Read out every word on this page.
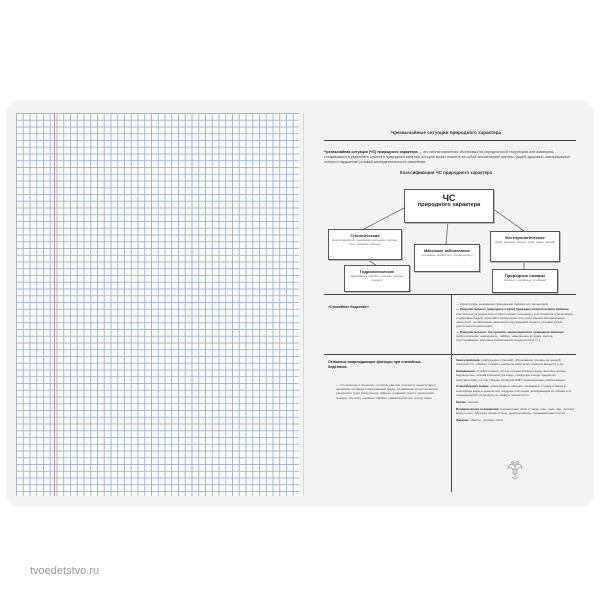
Чрезвычайные ситуации природного характера
Чрезвычайная ситуация (ЧС) природного характера — это неблагоприятная обстановка на определенной территории или акватории, сложившаяся в результате опасного природного явления, которое может повлечь за собой человеческие жертвы, ущерб здоровью, материальные потери и нарушение условий жизнедеятельности населения.
Классификация ЧС природного характера
ЧС
природного характера
Геологические
(землетрясения, извержения вулканов, оползни, сели, снежные лавины)
Метеорологические
(бури, ураганы, смерчи, град, ливни, засуха)
Массовое заболевание
(эпидемии, эпизоотии, эпифитотии)
Гидрологические
(наводнения, паводки, заторы, нагоны, цунами)
Природные пожары
(лесные, торфяные, степные)
«Стихийное бедствие»

— Катастрофа, вызванная природными силами или явлениями;

— Разрушительное природное и (или) природно-антропогенное явление или процесс, в результате которого может возникнуть или возникла угроза жизни и здоровью людей, произойти разрушение или уничтожение материальных ценностей, необратимые изменения окружающей среды и условий жизни, деятельности населения;

— Разрушительное, так принято, непреодолимое природное явление (землетрясение, наводнение, тайфун, извержение вулкана, засуха, опустынивание, массовое размножение вредителей и т.п.).

Основные повреждающие факторы при стихийных бедствиях
— это явления и процессы, которые наносят или могут нанести вред здоровью человека и окружающей среде. Основными из них являются различного рода разрушения, обвалы, подвижки земли, затопления, пожары, оползни, снежные лавины, ураганный ветер, холод, жара.

Землетрясение: разрушения строений, образование трещин на земной поверхности, обвалы, пожары, выбросы химически опасных веществ и др.

Наводнение: стремительные потоки огромной массы воды, высокие волны, водоворотьы, низкая температура воды, плывущие в воде предметы; электрический ток при обрыве проводов ЛЭП; инфекционные заболевания.

Атмосферные вихри: атмосферные явления, связанные с присутствием в атмосфере воды и знаком или твёрдым состоянии, выпадающим из облака или осаждающейся из воздуха на земную поверхность.

Грозы: молнии.

Вулканические извержения: раскалённая лава, а также газы, дым, пар, горячая вода, пепел, обломки горных пород, ударные волны, грязекаменные потоки.

Лавины: обвалы, оползни, сели.

tvoedetstvo.ru
